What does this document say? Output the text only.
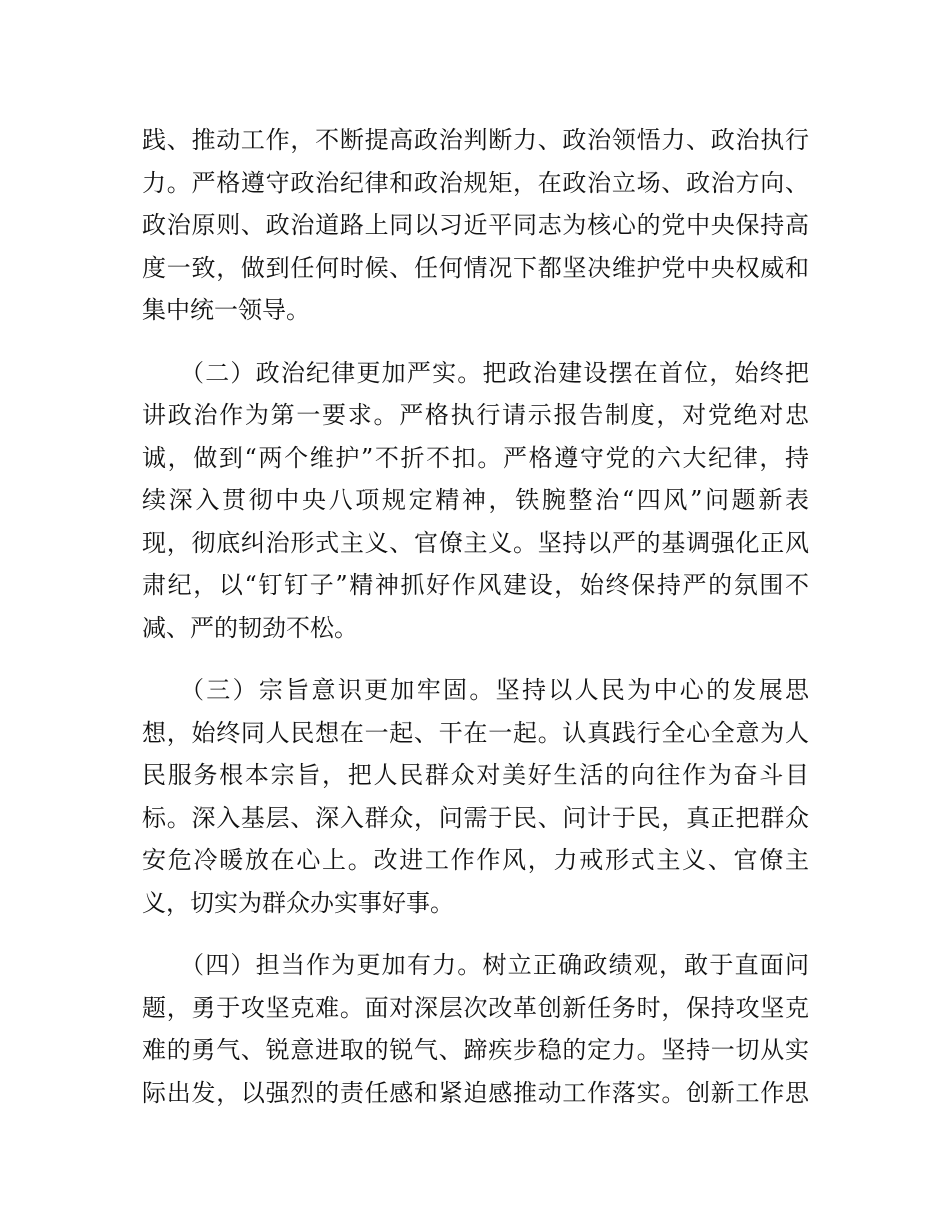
践、推动工作，不断提高政治判断力、政治领悟力、政治执行
力。严格遵守政治纪律和政治规矩，在政治立场、政治方向、
政治原则、政治道路上同以习近平同志为核心的党中央保持高
度一致，做到任何时候、任何情况下都坚决维护党中央权威和
集中统一领导。
（二）政治纪律更加严实。把政治建设摆在首位，始终把
讲政治作为第一要求。严格执行请示报告制度，对党绝对忠
诚，做到“两个维护”不折不扣。严格遵守党的六大纪律，持
续深入贯彻中央八项规定精神，铁腕整治“四风”问题新表
现，彻底纠治形式主义、官僚主义。坚持以严的基调强化正风
肃纪，以“钉钉子”精神抓好作风建设，始终保持严的氛围不
减、严的韧劲不松。
（三）宗旨意识更加牢固。坚持以人民为中心的发展思
想，始终同人民想在一起、干在一起。认真践行全心全意为人
民服务根本宗旨，把人民群众对美好生活的向往作为奋斗目
标。深入基层、深入群众，问需于民、问计于民，真正把群众
安危冷暖放在心上。改进工作作风，力戒形式主义、官僚主
义，切实为群众办实事好事。
（四）担当作为更加有力。树立正确政绩观，敢于直面问
题，勇于攻坚克难。面对深层次改革创新任务时，保持攻坚克
难的勇气、锐意进取的锐气、蹄疾步稳的定力。坚持一切从实
际出发，以强烈的责任感和紧迫感推动工作落实。创新工作思
